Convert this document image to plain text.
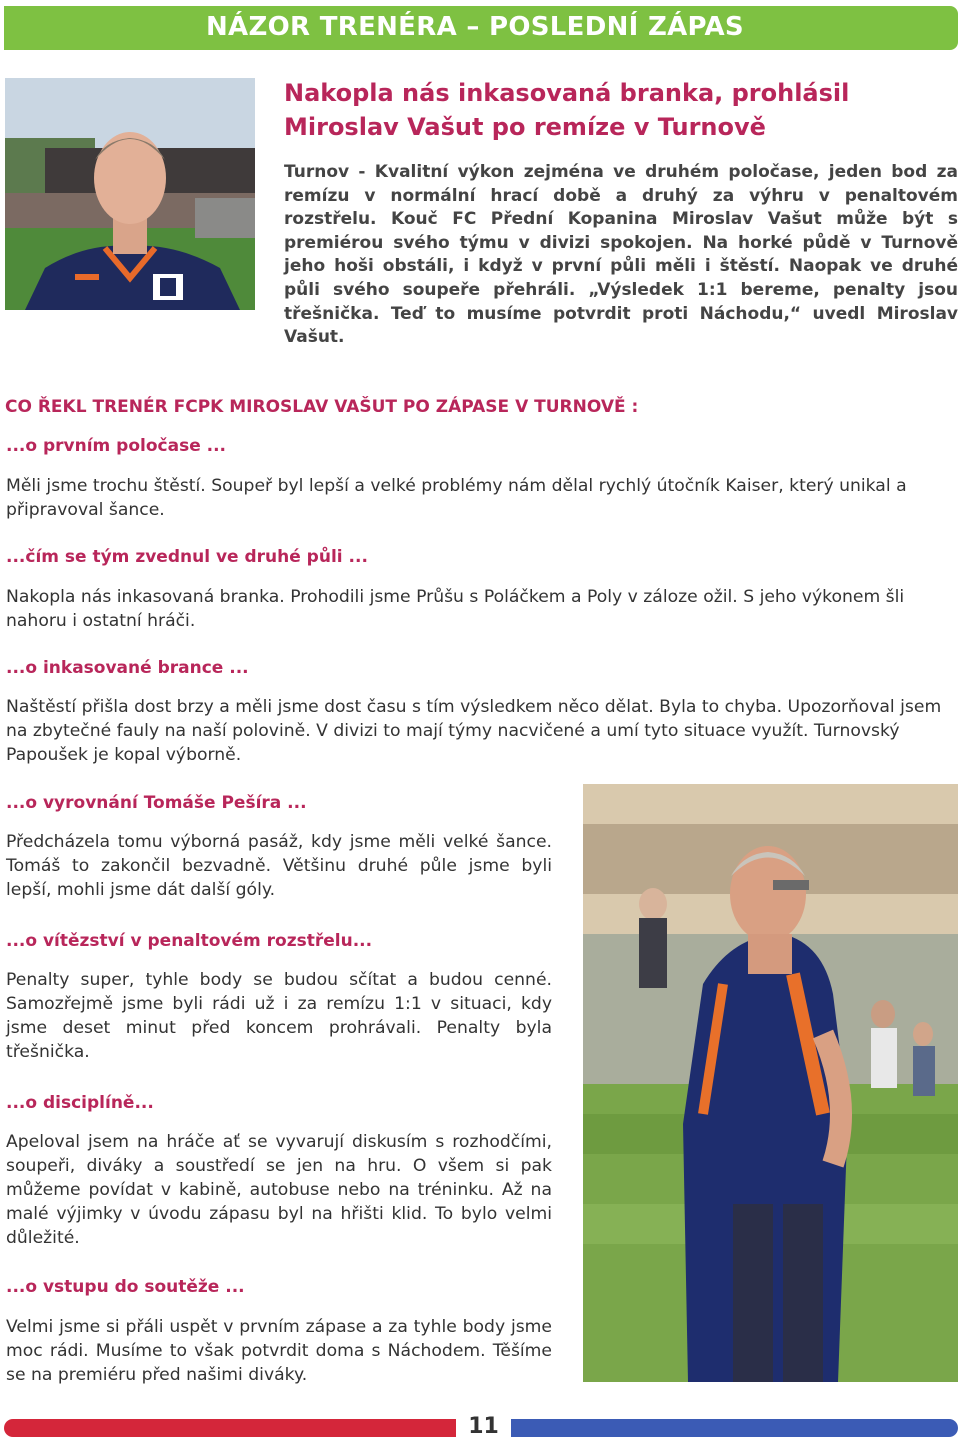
NÁZOR TRENÉRA – POSLEDNÍ ZÁPAS
Nakopla nás inkasovaná branka, prohlásil Miroslav Vašut po remíze v Turnově
Turnov - Kvalitní výkon zejména ve druhém poločase, jeden bod za remízu v normální hrací době a druhý za výhru v penaltovém rozstřelu. Kouč FC Přední Kopanina Miroslav Vašut může být s premiérou svého týmu v divizi spokojen. Na horké půdě v Turnově jeho hoši obstáli, i když v první půli měli i štěstí. Naopak ve druhé půli svého soupeře přehráli. „Výsledek 1:1 bereme, penalty jsou třešnička. Teď to musíme potvrdit proti Náchodu,“ uvedl Miroslav Vašut.
CO ŘEKL TRENÉR FCPK MIROSLAV VAŠUT PO ZÁPASE V TURNOVĚ :
...o prvním poločase ...
Měli jsme trochu štěstí. Soupeř byl lepší a velké problémy nám dělal rychlý útočník Kaiser, který unikal a připravoval šance.
...čím se tým zvednul ve druhé půli ...
Nakopla nás inkasovaná branka. Prohodili jsme Průšu s Poláčkem a Poly v záloze ožil. S jeho výkonem šli nahoru i ostatní hráči.
...o inkasované brance ...
Naštěstí přišla dost brzy a měli jsme dost času s tím výsledkem něco dělat. Byla to chyba. Upozorňoval jsem na zbytečné fauly na naší polovině. V divizi to mají týmy nacvičené a umí tyto situace využít. Turnovský Papoušek je kopal výborně.
...o vyrovnání Tomáše Pešíra ...
Předcházela tomu výborná pasáž, kdy jsme měli velké šance. Tomáš to zakončil bezvadně. Většinu druhé půle jsme byli lepší, mohli jsme dát další góly.
...o vítězství v penaltovém rozstřelu...
Penalty super, tyhle body se budou sčítat a budou cenné. Samozřejmě jsme byli rádi už i za remízu 1:1 v situaci, kdy jsme deset minut před koncem prohrávali. Penalty byla třešnička.
...o disciplíně...
Apeloval jsem na hráče ať se vyvarují diskusím s rozhodčími, soupeři, diváky a soustředí se jen na hru. O všem si pak můžeme povídat v kabině, autobuse nebo na tréninku. Až na malé výjimky v úvodu zápasu byl na hřišti klid. To bylo velmi důležité.
...o vstupu do soutěže ...
Velmi jsme si přáli uspět v prvním zápase a za tyhle body jsme moc rádi. Musíme to však potvrdit doma s Náchodem. Těšíme se na premiéru před našimi diváky.
11
